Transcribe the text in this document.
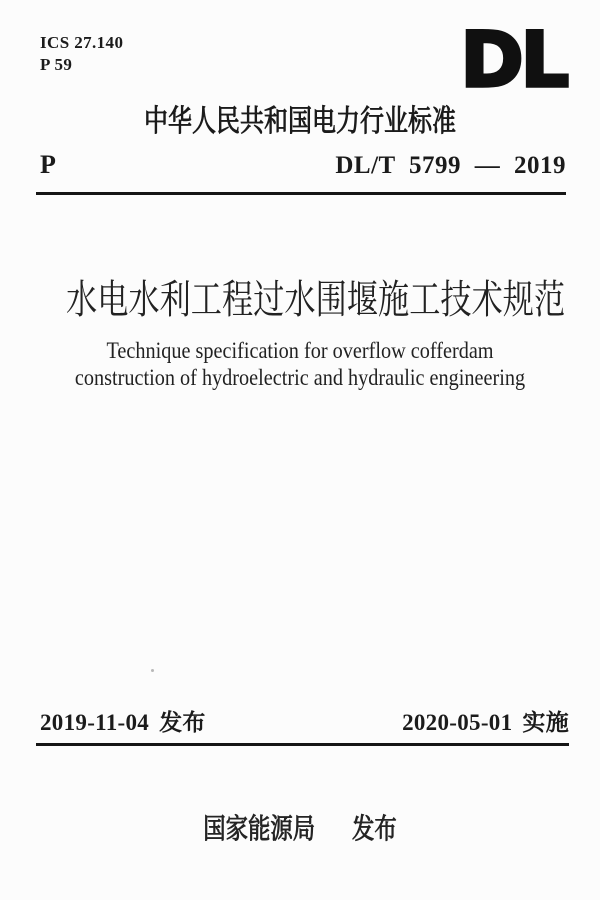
ICS 27.140
P 59	DL
中华人民共和国电力行业标准
P	DL/T 5799 — 2019
水电水利工程过水围堰施工技术规范
Technique specification for overflow cofferdam
construction of hydroelectric and hydraulic engineering
2019-11-04 发布	2020-05-01 实施
国家能源局 发布
